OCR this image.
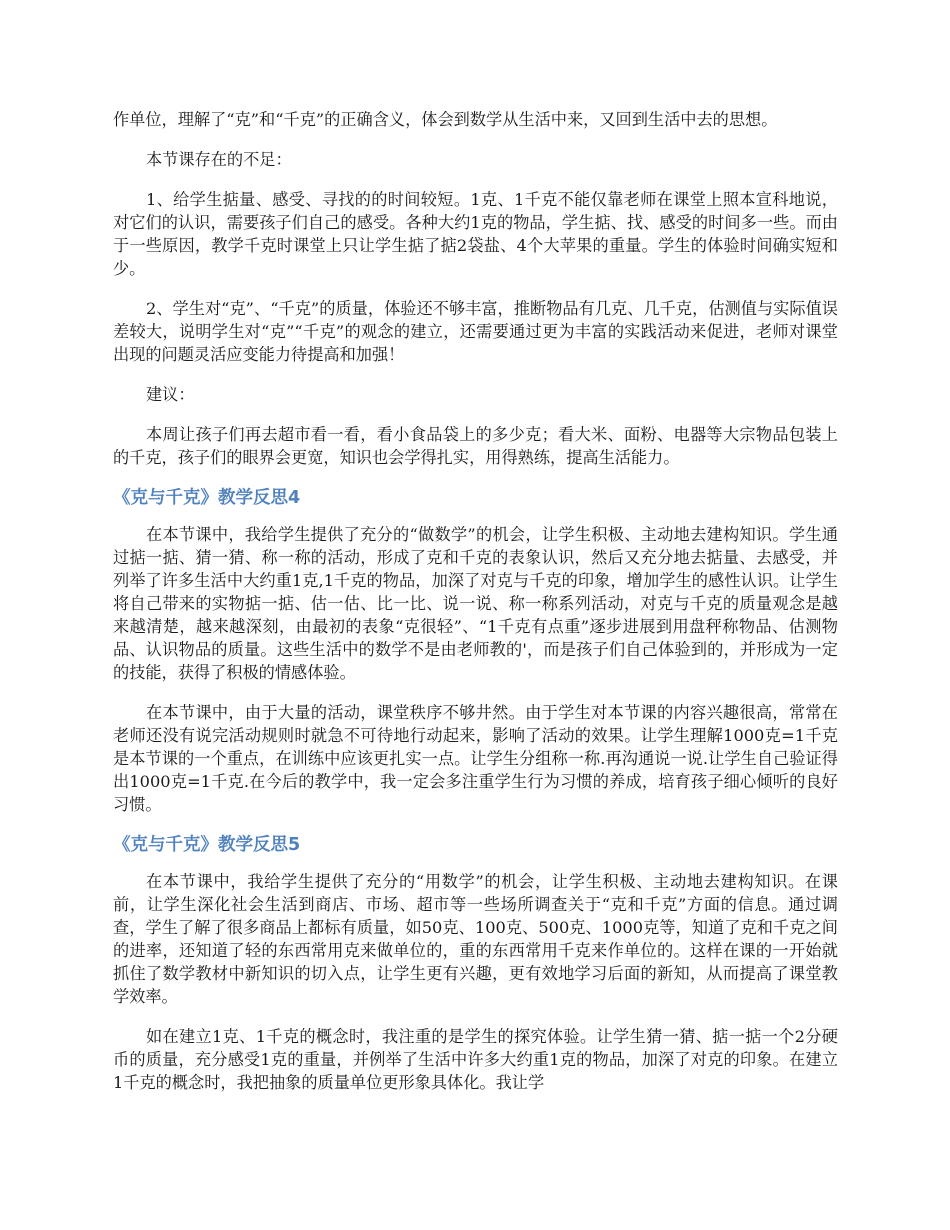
作单位，理解了“克”和“千克”的正确含义，体会到数学从生活中来，又回到生活中去的思想。

本节课存在的不足：

1、给学生掂量、感受、寻找的的时间较短。1克、1千克不能仅靠老师在课堂上照本宣科地说，对它们的认识，需要孩子们自己的感受。各种大约1克的物品，学生掂、找、感受的时间多一些。而由于一些原因，教学千克时课堂上只让学生掂了掂2袋盐、4个大苹果的重量。学生的体验时间确实短和少。

2、学生对“克”、“千克”的质量，体验还不够丰富，推断物品有几克、几千克，估测值与实际值误差较大，说明学生对“克”“千克”的观念的建立，还需要通过更为丰富的实践活动来促进，老师对课堂出现的问题灵活应变能力待提高和加强！

建议：

本周让孩子们再去超市看一看，看小食品袋上的多少克；看大米、面粉、电器等大宗物品包装上的千克，孩子们的眼界会更宽，知识也会学得扎实，用得熟练，提高生活能力。

《克与千克》教学反思4

在本节课中，我给学生提供了充分的“做数学”的机会，让学生积极、主动地去建构知识。学生通过掂一掂、猜一猜、称一称的活动，形成了克和千克的表象认识，然后又充分地去掂量、去感受，并列举了许多生活中大约重1克,1千克的物品，加深了对克与千克的印象，增加学生的感性认识。让学生将自己带来的实物掂一掂、估一估、比一比、说一说、称一称系列活动，对克与千克的质量观念是越来越清楚，越来越深刻，由最初的表象“克很轻”、“1千克有点重”逐步进展到用盘秤称物品、估测物品、认识物品的质量。这些生活中的数学不是由老师教的'，而是孩子们自己体验到的，并形成为一定的技能，获得了积极的情感体验。

在本节课中，由于大量的活动，课堂秩序不够井然。由于学生对本节课的内容兴趣很高，常常在老师还没有说完活动规则时就急不可待地行动起来，影响了活动的效果。让学生理解1000克=1千克是本节课的一个重点，在训练中应该更扎实一点。让学生分组称一称.再沟通说一说.让学生自己验证得出1000克=1千克.在今后的教学中，我一定会多注重学生行为习惯的养成，培育孩子细心倾听的良好习惯。

《克与千克》教学反思5

在本节课中，我给学生提供了充分的“用数学”的机会，让学生积极、主动地去建构知识。在课前，让学生深化社会生活到商店、市场、超市等一些场所调查关于“克和千克”方面的信息。通过调查，学生了解了很多商品上都标有质量，如50克、100克、500克、1000克等，知道了克和千克之间的进率，还知道了轻的东西常用克来做单位的，重的东西常用千克来作单位的。这样在课的一开始就抓住了数学教材中新知识的切入点，让学生更有兴趣，更有效地学习后面的新知，从而提高了课堂教学效率。

如在建立1克、1千克的概念时，我注重的是学生的探究体验。让学生猜一猜、掂一掂一个2分硬币的质量，充分感受1克的重量，并例举了生活中许多大约重1克的物品，加深了对克的印象。在建立1千克的概念时，我把抽象的质量单位更形象具体化。我让学
